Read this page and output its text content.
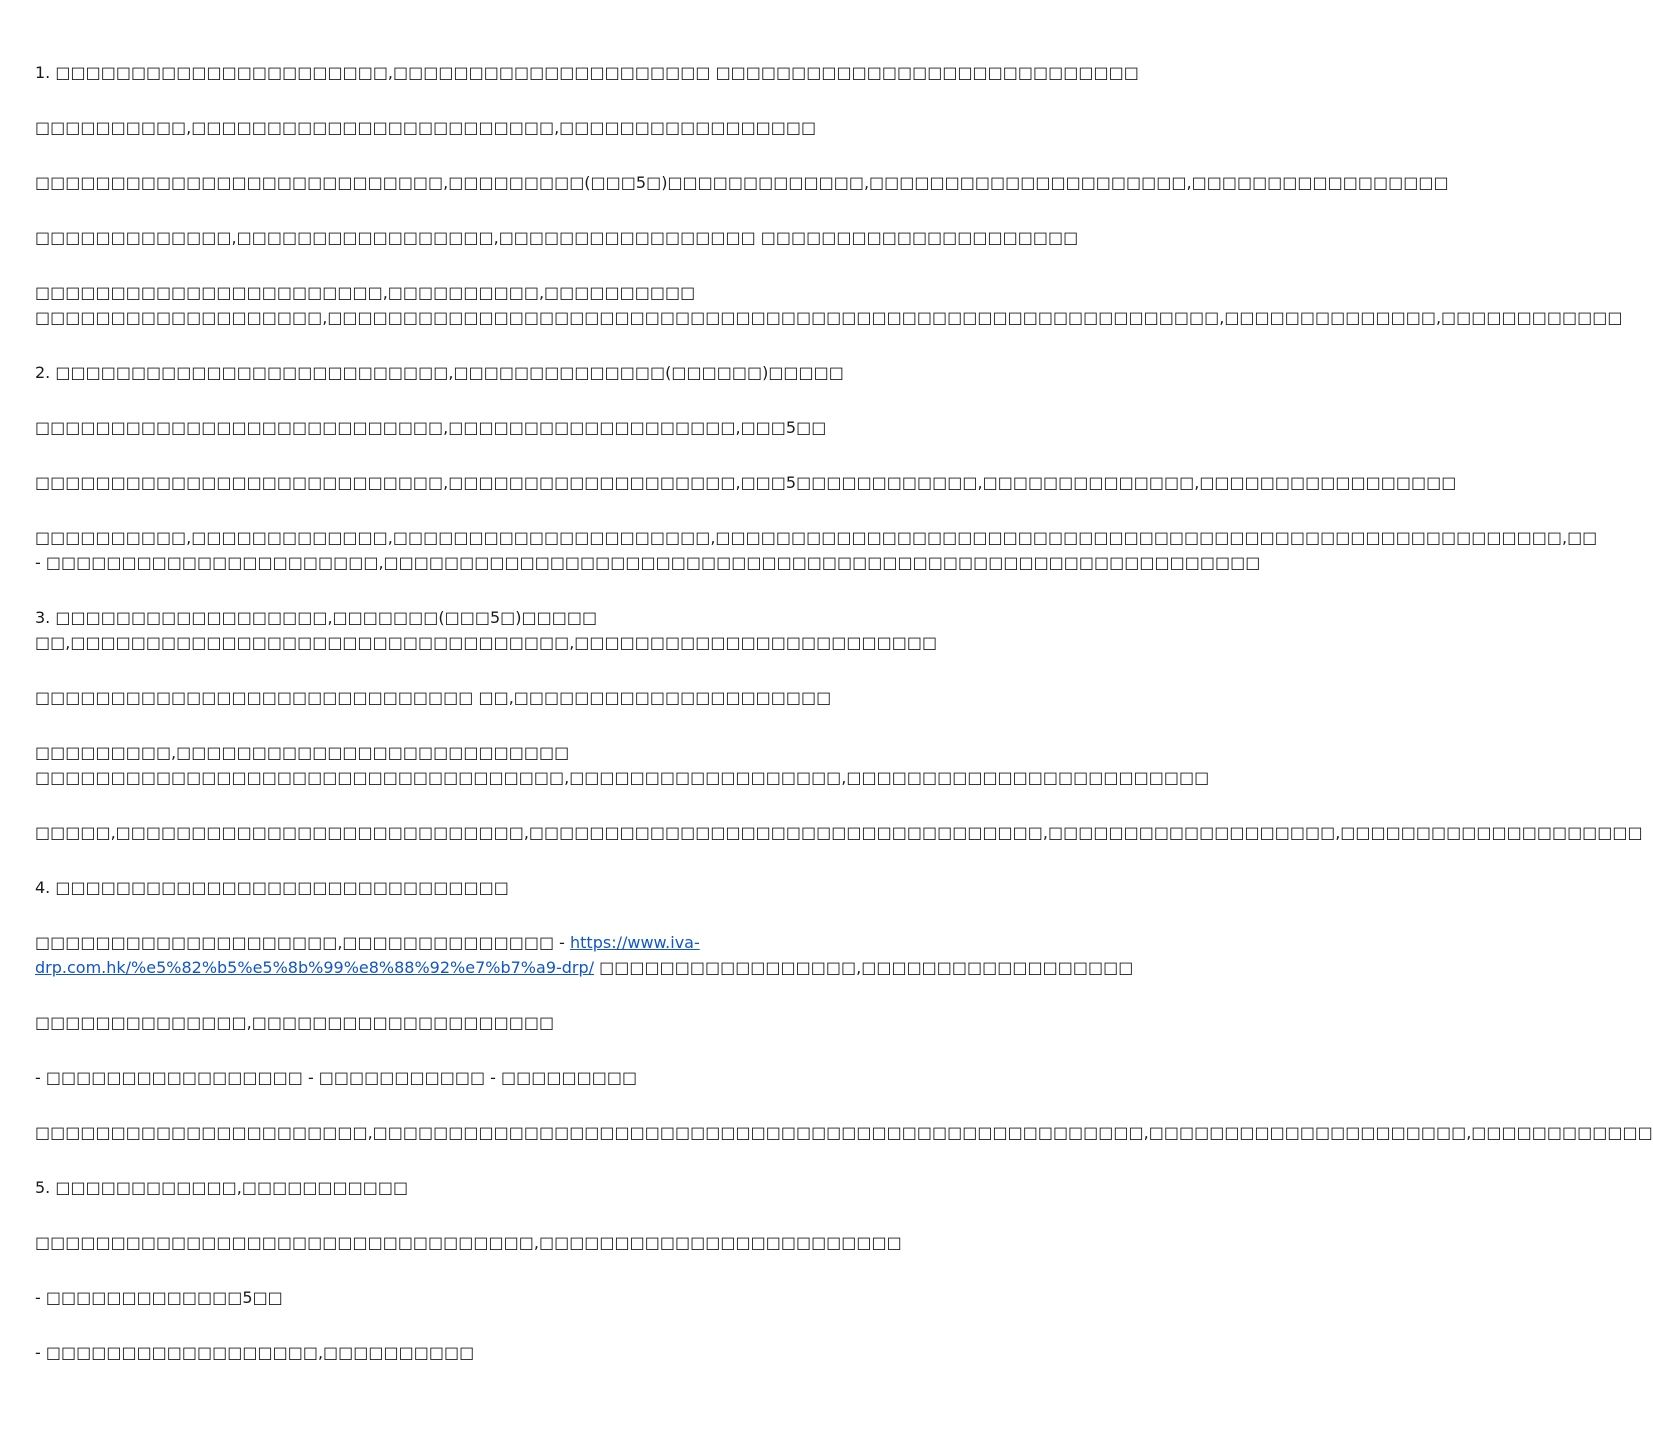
1. □□□□□□□□□□□□□□□□□□□□□□,□□□□□□□□□□□□□□□□□□□□□ □□□□□□□□□□□□□□□□□□□□□□□□□□□□
□□□□□□□□□□,□□□□□□□□□□□□□□□□□□□□□□□□,□□□□□□□□□□□□□□□□□
□□□□□□□□□□□□□□□□□□□□□□□□□□□,□□□□□□□□□(□□□5□)□□□□□□□□□□□□□,□□□□□□□□□□□□□□□□□□□□□,□□□□□□□□□□□□□□□□□
□□□□□□□□□□□□□,□□□□□□□□□□□□□□□□□,□□□□□□□□□□□□□□□□□ □□□□□□□□□□□□□□□□□□□□□
□□□□□□□□□□□□□□□□□□□□□□□,□□□□□□□□□□,□□□□□□□□□□
□□□□□□□□□□□□□□□□□□□,□□□□□□□□□□□□□□□□□□□□□□□□□□□□□□□□□□□□□□□□□□□□□□□□□□□□□□□□□□□,□□□□□□□□□□□□□□,□□□□□□□□□□□□
2. □□□□□□□□□□□□□□□□□□□□□□□□□□,□□□□□□□□□□□□□□(□□□□□□)□□□□□
□□□□□□□□□□□□□□□□□□□□□□□□□□□,□□□□□□□□□□□□□□□□□□□,□□□5□□
□□□□□□□□□□□□□□□□□□□□□□□□□□□,□□□□□□□□□□□□□□□□□□□,□□□5□□□□□□□□□□□□,□□□□□□□□□□□□□□,□□□□□□□□□□□□□□□□□
□□□□□□□□□□,□□□□□□□□□□□□□,□□□□□□□□□□□□□□□□□□□□□,□□□□□□□□□□□□□□□□□□□□□□□□□□□□□□□□□□□□□□□□□□□□□□□□□□□□□□□□,□□
- □□□□□□□□□□□□□□□□□□□□□□,□□□□□□□□□□□□□□□□□□□□□□□□□□□□□□□□□□□□□□□□□□□□□□□□□□□□□□□□□□
3. □□□□□□□□□□□□□□□□□□,□□□□□□□(□□□5□)□□□□□
□□,□□□□□□□□□□□□□□□□□□□□□□□□□□□□□□□□□,□□□□□□□□□□□□□□□□□□□□□□□□
□□□□□□□□□□□□□□□□□□□□□□□□□□□□□ □□,□□□□□□□□□□□□□□□□□□□□□
□□□□□□□□□,□□□□□□□□□□□□□□□□□□□□□□□□□□
□□□□□□□□□□□□□□□□□□□□□□□□□□□□□□□□□□□,□□□□□□□□□□□□□□□□□□,□□□□□□□□□□□□□□□□□□□□□□□□
□□□□□,□□□□□□□□□□□□□□□□□□□□□□□□□□□,□□□□□□□□□□□□□□□□□□□□□□□□□□□□□□□□□□,□□□□□□□□□□□□□□□□□□□,□□□□□□□□□□□□□□□□□□□□
4. □□□□□□□□□□□□□□□□□□□□□□□□□□□□□□
□□□□□□□□□□□□□□□□□□□□,□□□□□□□□□□□□□□ - https://www.iva-
drp.com.hk/%e5%82%b5%e5%8b%99%e8%88%92%e7%b7%a9-drp/ □□□□□□□□□□□□□□□□□,□□□□□□□□□□□□□□□□□□
□□□□□□□□□□□□□□,□□□□□□□□□□□□□□□□□□□□
- □□□□□□□□□□□□□□□□□ - □□□□□□□□□□□ - □□□□□□□□□
□□□□□□□□□□□□□□□□□□□□□□,□□□□□□□□□□□□□□□□□□□□□□□□□□□□□□□□□□□□□□□□□□□□□□□□□□□,□□□□□□□□□□□□□□□□□□□□□,□□□□□□□□□□□□
5. □□□□□□□□□□□□,□□□□□□□□□□□
□□□□□□□□□□□□□□□□□□□□□□□□□□□□□□□□□,□□□□□□□□□□□□□□□□□□□□□□□□
- □□□□□□□□□□□□□5□□
- □□□□□□□□□□□□□□□□□□,□□□□□□□□□□
